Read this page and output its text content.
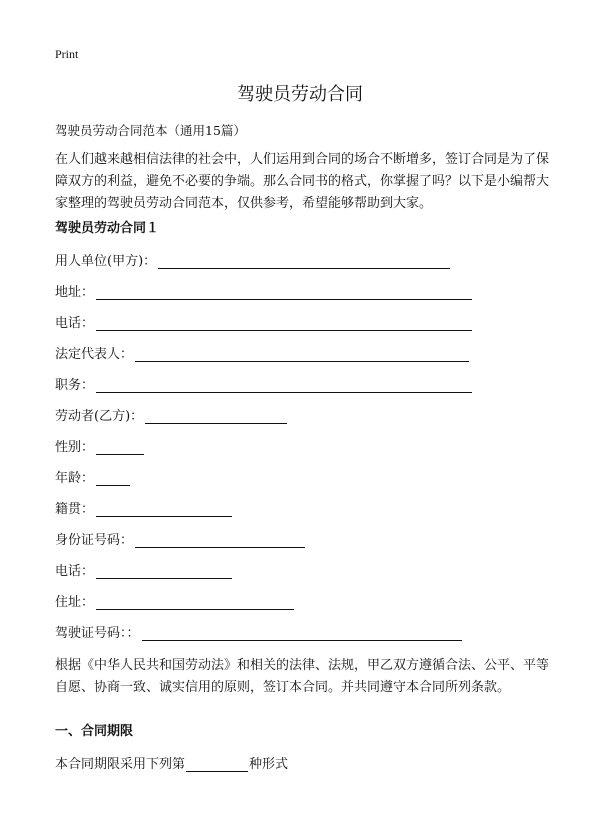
Print
驾驶员劳动合同
驾驶员劳动合同范本（通用15篇）
在人们越来越相信法律的社会中，人们运用到合同的场合不断增多，签订合同是为了保障双方的利益，避免不必要的争端。那么合同书的格式，你掌握了吗？以下是小编帮大家整理的驾驶员劳动合同范本，仅供参考，希望能够帮助到大家。
驾驶员劳动合同１
用人单位(甲方)：
地址：
电话：
法定代表人：
职务：
劳动者(乙方)：
性别：
年龄：
籍贯：
身份证号码：
电话：
住址：
驾驶证号码：：
根据《中华人民共和国劳动法》和相关的法律、法规，甲乙双方遵循合法、公平、平等自愿、协商一致、诚实信用的原则，签订本合同。并共同遵守本合同所列条款。
一、合同期限
本合同期限采用下列第	种形式
